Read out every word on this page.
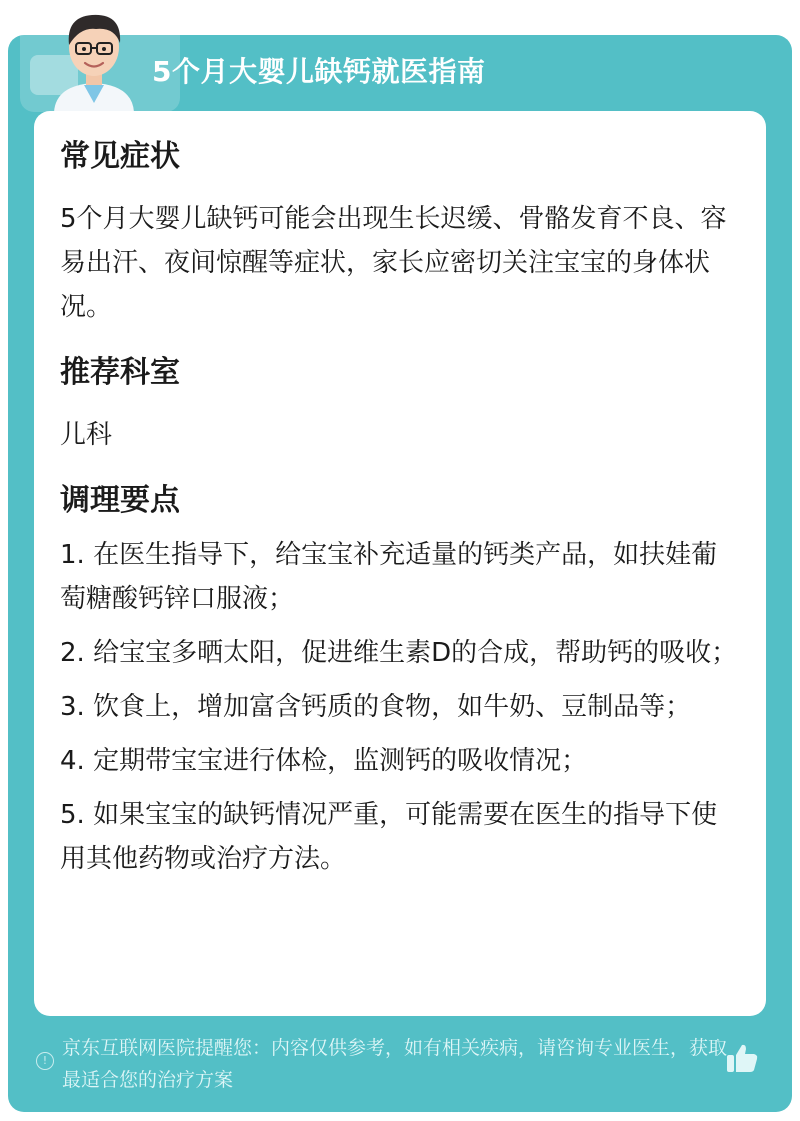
5个月大婴儿缺钙就医指南
常见症状
5个月大婴儿缺钙可能会出现生长迟缓、骨骼发育不良、容易出汗、夜间惊醒等症状，家长应密切关注宝宝的身体状况。
推荐科室
儿科
调理要点
1. 在医生指导下，给宝宝补充适量的钙类产品，如扶娃葡萄糖酸钙锌口服液；
2. 给宝宝多晒太阳，促进维生素D的合成，帮助钙的吸收；
3. 饮食上，增加富含钙质的食物，如牛奶、豆制品等；
4. 定期带宝宝进行体检，监测钙的吸收情况；
5. 如果宝宝的缺钙情况严重，可能需要在医生的指导下使用其他药物或治疗方法。
!
京东互联网医院提醒您：内容仅供参考，如有相关疾病，请咨询专业医生，获取最适合您的治疗方案
